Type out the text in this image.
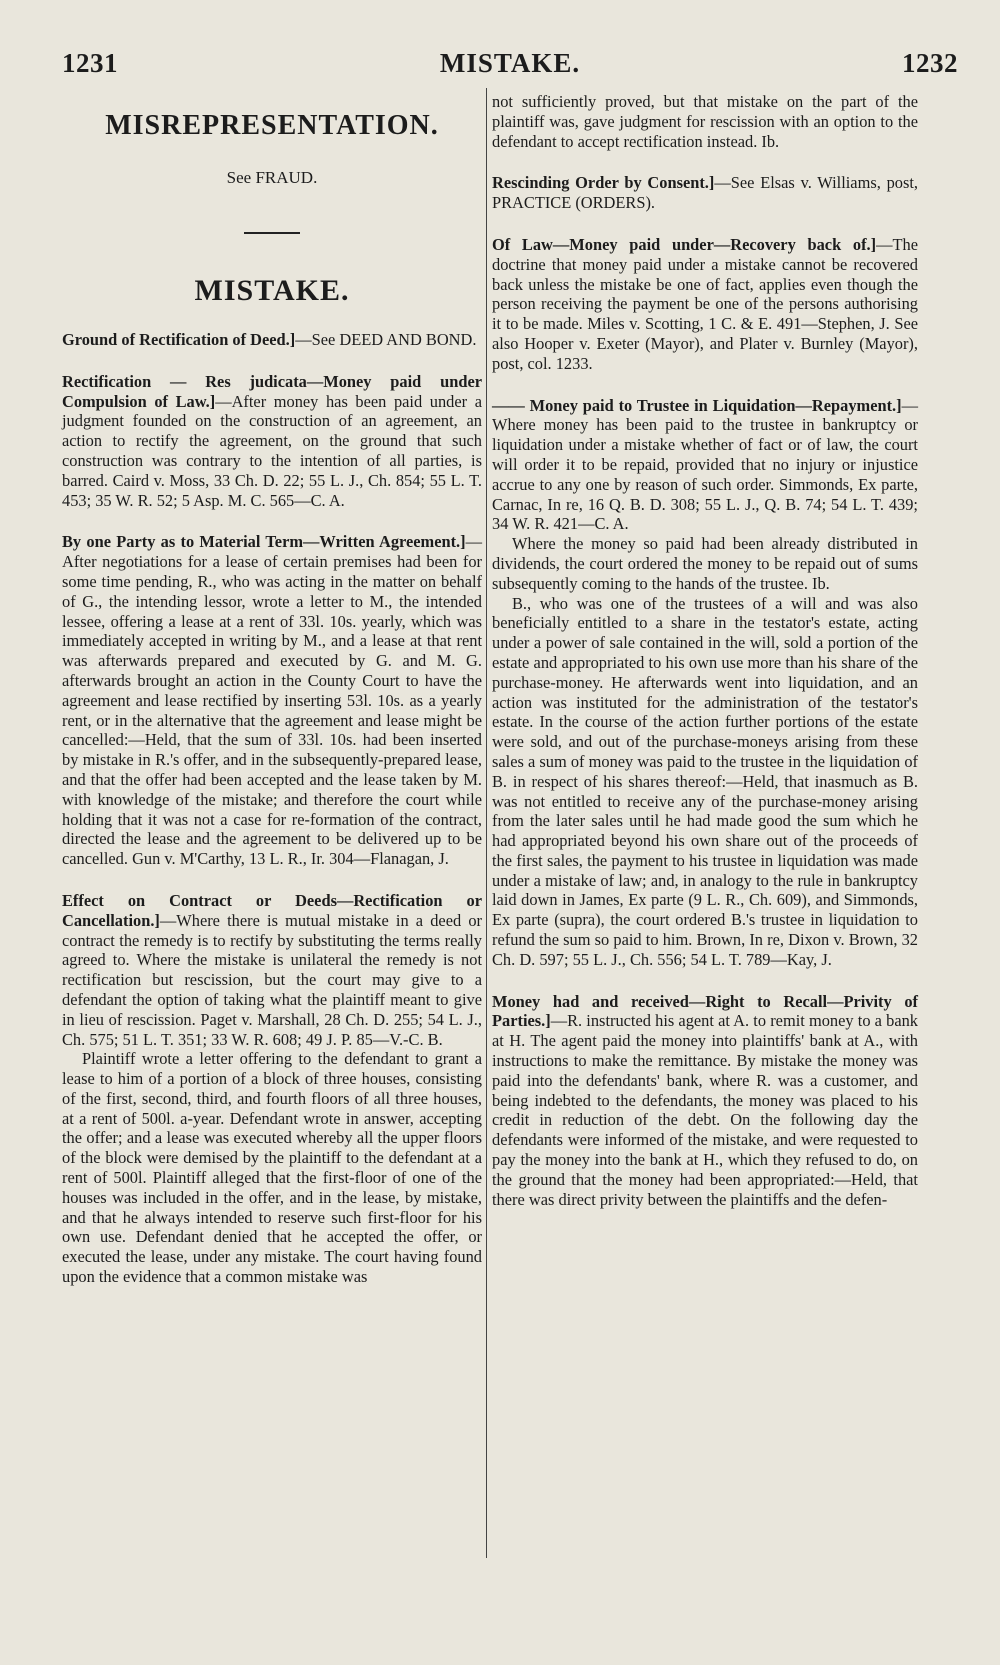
1231	MISTAKE.	1232
MISREPRESENTATION.
See FRAUD.
MISTAKE.

Ground of Rectification of Deed.]—See DEED AND BOND.

Rectification — Res judicata—Money paid under Compulsion of Law.]—After money has been paid under a judgment founded on the construction of an agreement, an action to rectify the agreement, on the ground that such construction was contrary to the intention of all parties, is barred. Caird v. Moss, 33 Ch. D. 22; 55 L. J., Ch. 854; 55 L. T. 453; 35 W. R. 52; 5 Asp. M. C. 565—C. A.

By one Party as to Material Term—Written Agreement.]—After negotiations for a lease of certain premises had been for some time pending, R., who was acting in the matter on behalf of G., the intending lessor, wrote a letter to M., the intended lessee, offering a lease at a rent of 33l. 10s. yearly, which was immediately accepted in writing by M., and a lease at that rent was afterwards prepared and executed by G. and M. G. afterwards brought an action in the County Court to have the agreement and lease rectified by inserting 53l. 10s. as a yearly rent, or in the alternative that the agreement and lease might be cancelled:—Held, that the sum of 33l. 10s. had been inserted by mistake in R.'s offer, and in the subsequently-prepared lease, and that the offer had been accepted and the lease taken by M. with knowledge of the mistake; and therefore the court while holding that it was not a case for re-formation of the contract, directed the lease and the agreement to be delivered up to be cancelled. Gun v. M'Carthy, 13 L. R., Ir. 304—Flanagan, J.

Effect on Contract or Deeds—Rectification or Cancellation.]—Where there is mutual mistake in a deed or contract the remedy is to rectify by substituting the terms really agreed to. Where the mistake is unilateral the remedy is not rectification but rescission, but the court may give to a defendant the option of taking what the plaintiff meant to give in lieu of rescission. Paget v. Marshall, 28 Ch. D. 255; 54 L. J., Ch. 575; 51 L. T. 351; 33 W. R. 608; 49 J. P. 85—V.-C. B.

Plaintiff wrote a letter offering to the defendant to grant a lease to him of a portion of a block of three houses, consisting of the first, second, third, and fourth floors of all three houses, at a rent of 500l. a-year. Defendant wrote in answer, accepting the offer; and a lease was executed whereby all the upper floors of the block were demised by the plaintiff to the defendant at a rent of 500l. Plaintiff alleged that the first-floor of one of the houses was included in the offer, and in the lease, by mistake, and that he always intended to reserve such first-floor for his own use. Defendant denied that he accepted the offer, or executed the lease, under any mistake. The court having found upon the evidence that a common mistake was

not sufficiently proved, but that mistake on the part of the plaintiff was, gave judgment for rescission with an option to the defendant to accept rectification instead. Ib.

Rescinding Order by Consent.]—See Elsas v. Williams, post, PRACTICE (ORDERS).

Of Law—Money paid under—Recovery back of.]—The doctrine that money paid under a mistake cannot be recovered back unless the mistake be one of fact, applies even though the person receiving the payment be one of the persons authorising it to be made. Miles v. Scotting, 1 C. & E. 491—Stephen, J. See also Hooper v. Exeter (Mayor), and Plater v. Burnley (Mayor), post, col. 1233.

—— Money paid to Trustee in Liquidation—Repayment.]—Where money has been paid to the trustee in bankruptcy or liquidation under a mistake whether of fact or of law, the court will order it to be repaid, provided that no injury or injustice accrue to any one by reason of such order. Simmonds, Ex parte, Carnac, In re, 16 Q. B. D. 308; 55 L. J., Q. B. 74; 54 L. T. 439; 34 W. R. 421—C. A.

Where the money so paid had been already distributed in dividends, the court ordered the money to be repaid out of sums subsequently coming to the hands of the trustee. Ib.

B., who was one of the trustees of a will and was also beneficially entitled to a share in the testator's estate, acting under a power of sale contained in the will, sold a portion of the estate and appropriated to his own use more than his share of the purchase-money. He afterwards went into liquidation, and an action was instituted for the administration of the testator's estate. In the course of the action further portions of the estate were sold, and out of the purchase-moneys arising from these sales a sum of money was paid to the trustee in the liquidation of B. in respect of his shares thereof:—Held, that inasmuch as B. was not entitled to receive any of the purchase-money arising from the later sales until he had made good the sum which he had appropriated beyond his own share out of the proceeds of the first sales, the payment to his trustee in liquidation was made under a mistake of law; and, in analogy to the rule in bankruptcy laid down in James, Ex parte (9 L. R., Ch. 609), and Simmonds, Ex parte (supra), the court ordered B.'s trustee in liquidation to refund the sum so paid to him. Brown, In re, Dixon v. Brown, 32 Ch. D. 597; 55 L. J., Ch. 556; 54 L. T. 789—Kay, J.

Money had and received—Right to Recall—Privity of Parties.]—R. instructed his agent at A. to remit money to a bank at H. The agent paid the money into plaintiffs' bank at A., with instructions to make the remittance. By mistake the money was paid into the defendants' bank, where R. was a customer, and being indebted to the defendants, the money was placed to his credit in reduction of the debt. On the following day the defendants were informed of the mistake, and were requested to pay the money into the bank at H., which they refused to do, on the ground that the money had been appropriated:—Held, that there was direct privity between the plaintiffs and the defen-
